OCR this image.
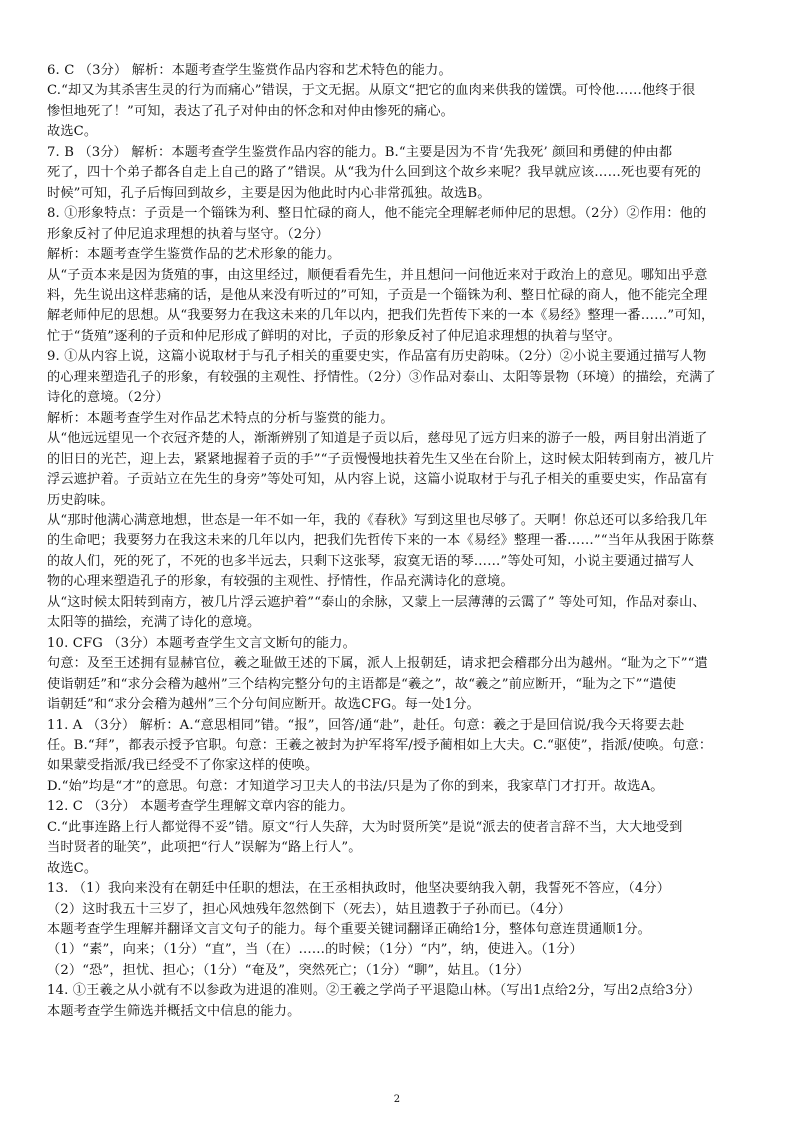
6. C （3分） 解析：本题考查学生鉴赏作品内容和艺术特色的能力。

C.“却又为其杀害生灵的行为而痛心”错误，于文无据。从原文“把它的血肉来供我的馐馔。可怜他……他终于很

惨怛地死了！”可知，表达了孔子对仲由的怀念和对仲由惨死的痛心。

故选C。

7. B （3分） 解析：本题考查学生鉴赏作品内容的能力。B.“主要是因为不肯‘先我死’ 颜回和勇健的仲由都

死了，四十个弟子都各自走上自己的路了”错误。从“我为什么回到这个故乡来呢？我早就应该……死也要有死的

时候”可知，孔子后悔回到故乡，主要是因为他此时内心非常孤独。故选B。

8. ①形象特点：子贡是一个锱铢为利、整日忙碌的商人，他不能完全理解老师仲尼的思想。（2分）②作用：他的

形象反衬了仲尼追求理想的执着与坚守。（2分）

解析：本题考查学生鉴赏作品的艺术形象的能力。

从“子贡本来是因为货殖的事，由这里经过，顺便看看先生，并且想问一问他近来对于政治上的意见。哪知出乎意

料，先生说出这样悲痛的话，是他从来没有听过的”可知，子贡是一个锱铢为利、整日忙碌的商人，他不能完全理

解老师仲尼的思想。从“我要努力在我这未来的几年以内，把我们先哲传下来的一本《易经》整理一番……”可知，

忙于“货殖”逐利的子贡和仲尼形成了鲜明的对比，子贡的形象反衬了仲尼追求理想的执着与坚守。

9. ①从内容上说，这篇小说取材于与孔子相关的重要史实，作品富有历史韵味。（2分）②小说主要通过描写人物

的心理来塑造孔子的形象，有较强的主观性、抒情性。（2分）③作品对泰山、太阳等景物（环境）的描绘，充满了

诗化的意境。（2分）

解析：本题考查学生对作品艺术特点的分析与鉴赏的能力。

从“他远远望见一个衣冠齐楚的人，渐渐辨别了知道是子贡以后，慈母见了远方归来的游子一般，两目射出消逝了

的旧日的光芒，迎上去，紧紧地握着子贡的手”“子贡慢慢地扶着先生又坐在台阶上，这时候太阳转到南方，被几片

浮云遮护着。子贡站立在先生的身旁”等处可知，从内容上说，这篇小说取材于与孔子相关的重要史实，作品富有

历史韵味。

从“那时他满心满意地想，世态是一年不如一年，我的《春秋》写到这里也尽够了。天啊！你总还可以多给我几年

的生命吧；我要努力在我这未来的几年以内，把我们先哲传下来的一本《易经》整理一番……”“当年从我困于陈蔡

的故人们，死的死了，不死的也多半远去，只剩下这张琴，寂寞无语的琴……”等处可知，小说主要通过描写人

物的心理来塑造孔子的形象，有较强的主观性、抒情性，作品充满诗化的意境。

从“这时候太阳转到南方，被几片浮云遮护着”“泰山的余脉，又蒙上一层薄薄的云霭了” 等处可知，作品对泰山、

太阳等的描绘，充满了诗化的意境。

10. CFG （3分）本题考查学生文言文断句的能力。

句意：及至王述拥有显赫官位，羲之耻做王述的下属，派人上报朝廷，请求把会稽郡分出为越州。“耻为之下”“遣

使诣朝廷”和“求分会稽为越州”三个结构完整分句的主语都是“羲之”，故“羲之”前应断开，“耻为之下”“遣使

诣朝廷”和“求分会稽为越州”三个分句间应断开。故选CFG。每一处1分。

11. A （3分） 解析：A.“意思相同”错。“报”，回答/通“赴”，赴任。句意：羲之于是回信说/我今天将要去赴

任。B.“拜”，都表示授予官职。句意：王羲之被封为护军将军/授予蔺相如上大夫。C.“驱使”，指派/使唤。句意：

如果蒙受指派/我已经受不了你家这样的使唤。

D.“始”均是“才”的意思。句意：才知道学习卫夫人的书法/只是为了你的到来，我家草门才打开。故选A。

12. C （3分） 本题考查学生理解文章内容的能力。

C.“此事连路上行人都觉得不妥”错。原文“行人失辞，大为时贤所笑”是说“派去的使者言辞不当，大大地受到

当时贤者的耻笑”，此项把“行人”误解为“路上行人”。

故选C。

13. （1）我向来没有在朝廷中任职的想法，在王丞相执政时，他坚决要纳我入朝，我誓死不答应，（4分）

（2）这时我五十三岁了，担心风烛残年忽然倒下（死去），姑且遗教于子孙而已。（4分）

本题考查学生理解并翻译文言文句子的能力。每个重要关键词翻译正确给1分，整体句意连贯通顺1分。

（1）“素”，向来；（1分）“直”，当（在）……的时候；（1分）“内”，纳，使进入。（1分）

（2）“恐”，担忧、担心；（1分）“奄及”，突然死亡；（1分）“聊”，姑且。（1分）

14. ①王羲之从小就有不以参政为进退的准则。②王羲之学尚子平退隐山林。（写出1点给2分，写出2点给3分）

本题考查学生筛选并概括文中信息的能力。

2
